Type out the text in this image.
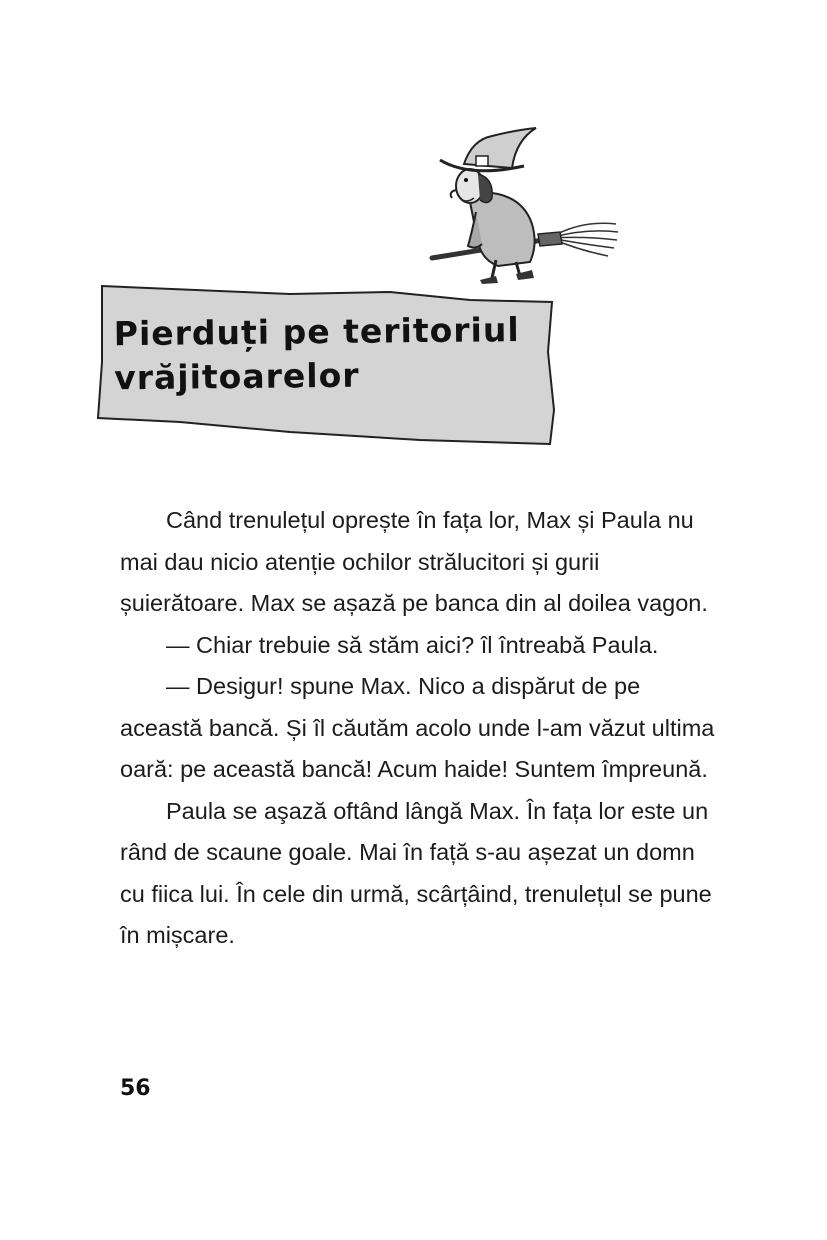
Pierduți pe teritoriul
vrăjitoarelor

Când trenulețul oprește în fața lor, Max și Paula nu mai dau nicio atenție ochilor strălucitori și gurii șuierătoare. Max se așază pe banca din al doilea vagon.

— Chiar trebuie să stăm aici? îl întreabă Paula.

— Desigur! spune Max. Nico a dispărut de pe această bancă. Și îl căutăm acolo unde l-am văzut ultima oară: pe această bancă! Acum haide! Suntem împreună.

Paula se aşază oftând lângă Max. În fața lor este un rând de scaune goale. Mai în față s-au așezat un domn cu fiica lui. În cele din urmă, scârțâind, trenulețul se pune în mișcare.

56
